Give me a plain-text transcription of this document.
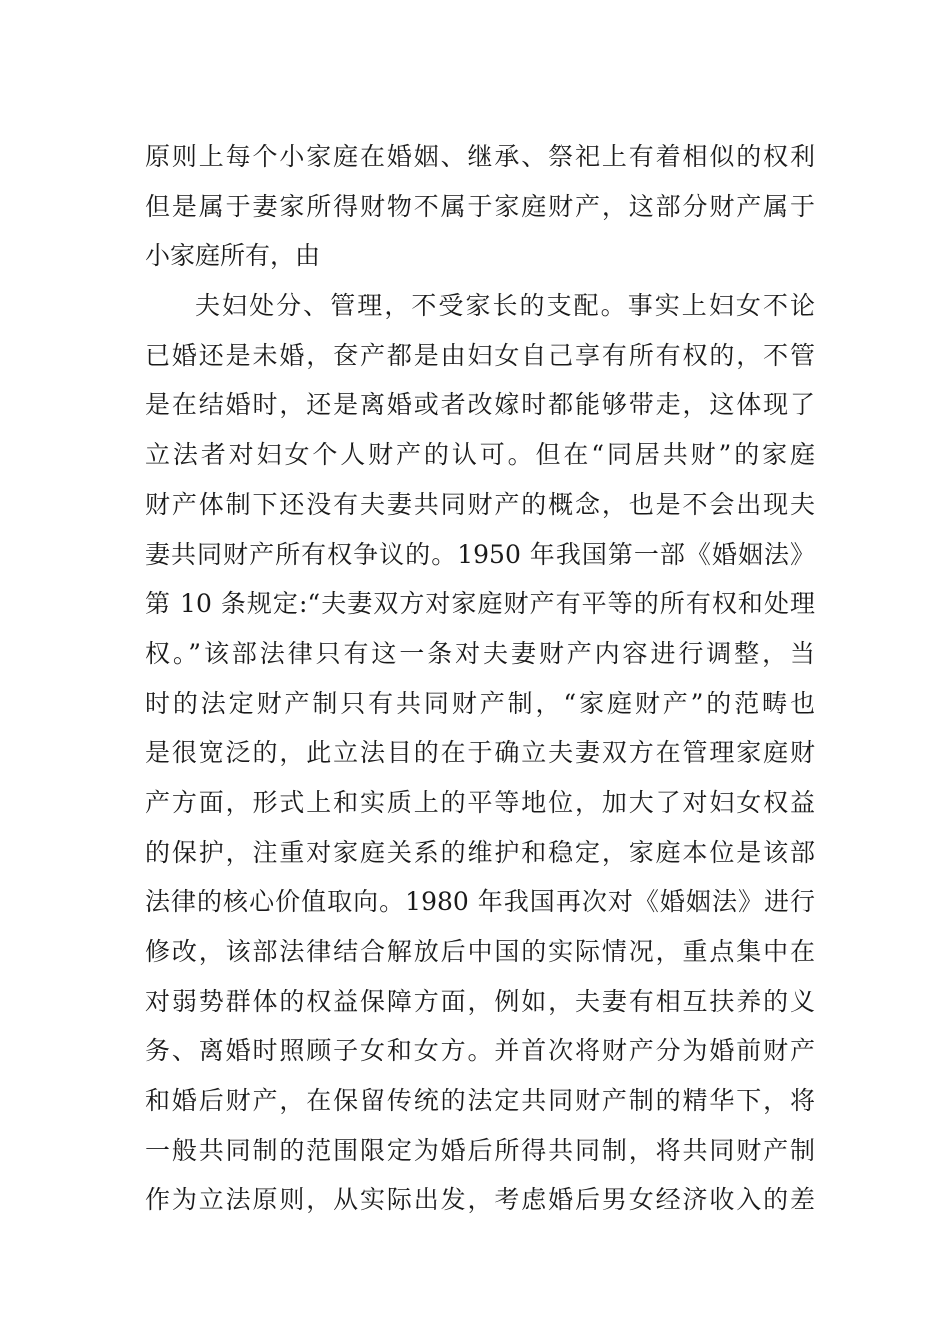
原则上每个小家庭在婚姻、继承、祭祀上有着相似的权利
但是属于妻家所得财物不属于家庭财产，这部分财产属于
小家庭所有，由
夫妇处分、管理，不受家长的支配。事实上妇女不论
已婚还是未婚，奁产都是由妇女自己享有所有权的，不管
是在结婚时，还是离婚或者改嫁时都能够带走，这体现了
立法者对妇女个人财产的认可。但在“同居共财”的家庭
财产体制下还没有夫妻共同财产的概念，也是不会出现夫
妻共同财产所有权争议的。1950 年我国第一部《婚姻法》
第 10 条规定:“夫妻双方对家庭财产有平等的所有权和处理
权。”该部法律只有这一条对夫妻财产内容进行调整，当
时的法定财产制只有共同财产制，“家庭财产”的范畴也
是很宽泛的，此立法目的在于确立夫妻双方在管理家庭财
产方面，形式上和实质上的平等地位，加大了对妇女权益
的保护，注重对家庭关系的维护和稳定，家庭本位是该部
法律的核心价值取向。1980 年我国再次对《婚姻法》进行
修改，该部法律结合解放后中国的实际情况，重点集中在
对弱势群体的权益保障方面，例如，夫妻有相互扶养的义
务、离婚时照顾子女和女方。并首次将财产分为婚前财产
和婚后财产，在保留传统的法定共同财产制的精华下，将
一般共同制的范围限定为婚后所得共同制，将共同财产制
作为立法原则，从实际出发，考虑婚后男女经济收入的差
